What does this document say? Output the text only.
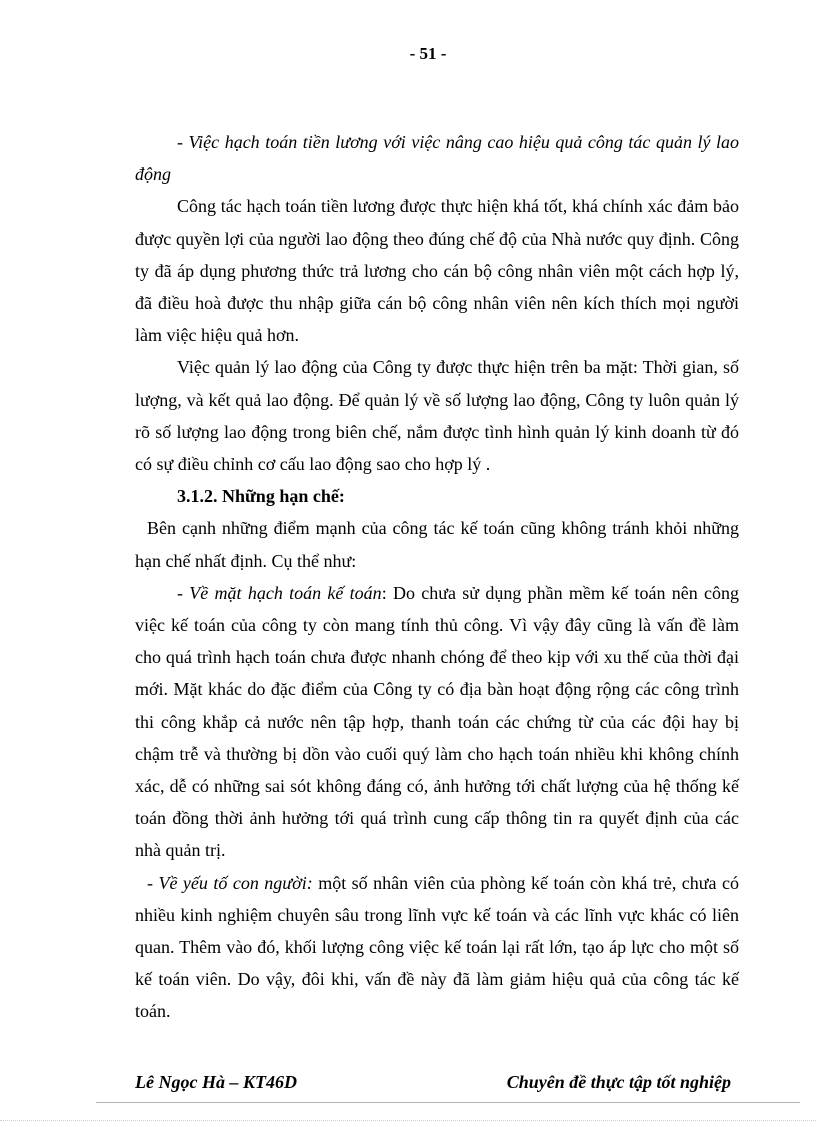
- 51 -

- Việc hạch toán tiền lương với việc nâng cao hiệu quả công tác quản lý lao động

Công tác hạch toán tiền lương được thực hiện khá tốt, khá chính xác đảm bảo được quyền lợi của người lao động theo đúng chế độ của Nhà nước quy định. Công ty đã áp dụng phương thức trả lương cho cán bộ công nhân viên một cách hợp lý, đã điều hoà được thu nhập giữa cán bộ công nhân viên nên kích thích mọi người làm việc hiệu quả hơn.

Việc quản lý lao động của Công ty được thực hiện trên ba mặt: Thời gian, số lượng, và kết quả lao động. Để quản lý về số lượng lao động, Công ty luôn quản lý rõ số lượng lao động trong biên chế, nắm được tình hình quản lý kinh doanh từ đó có sự điều chỉnh cơ cấu lao động sao cho hợp lý .

3.1.2. Những hạn chế:

Bên cạnh những điểm mạnh của công tác kế toán cũng không tránh khỏi những hạn chế nhất định. Cụ thể như:

- Về mặt hạch toán kế toán: Do chưa sử dụng phần mềm kế toán nên công việc kế toán của công ty còn mang tính thủ công. Vì vậy đây cũng là vấn đề làm cho quá trình hạch toán chưa được nhanh chóng để theo kịp với xu thế của thời đại mới. Mặt khác do đặc điểm của Công ty có địa bàn hoạt động rộng các công trình thi công khắp cả nước nên tập hợp, thanh toán các chứng từ của các đội hay bị chậm trễ và thường bị dồn vào cuối quý làm cho hạch toán nhiều khi không chính xác, dễ có những sai sót không đáng có, ảnh hưởng tới chất lượng của hệ thống kế toán đồng thời ảnh hưởng tới quá trình cung cấp thông tin ra quyết định của các nhà quản trị.

- Về yếu tố con người: một số nhân viên của phòng kế toán còn khá trẻ, chưa có nhiều kinh nghiệm chuyên sâu trong lĩnh vực kế toán và các lĩnh vực khác có liên quan. Thêm vào đó, khối lượng công việc kế toán lại rất lớn, tạo áp lực cho một số kế toán viên. Do vậy, đôi khi, vấn đề này đã làm giảm hiệu quả của công tác kế toán.

Lê Ngọc Hà – KT46D	Chuyên đề thực tập tốt nghiệp
